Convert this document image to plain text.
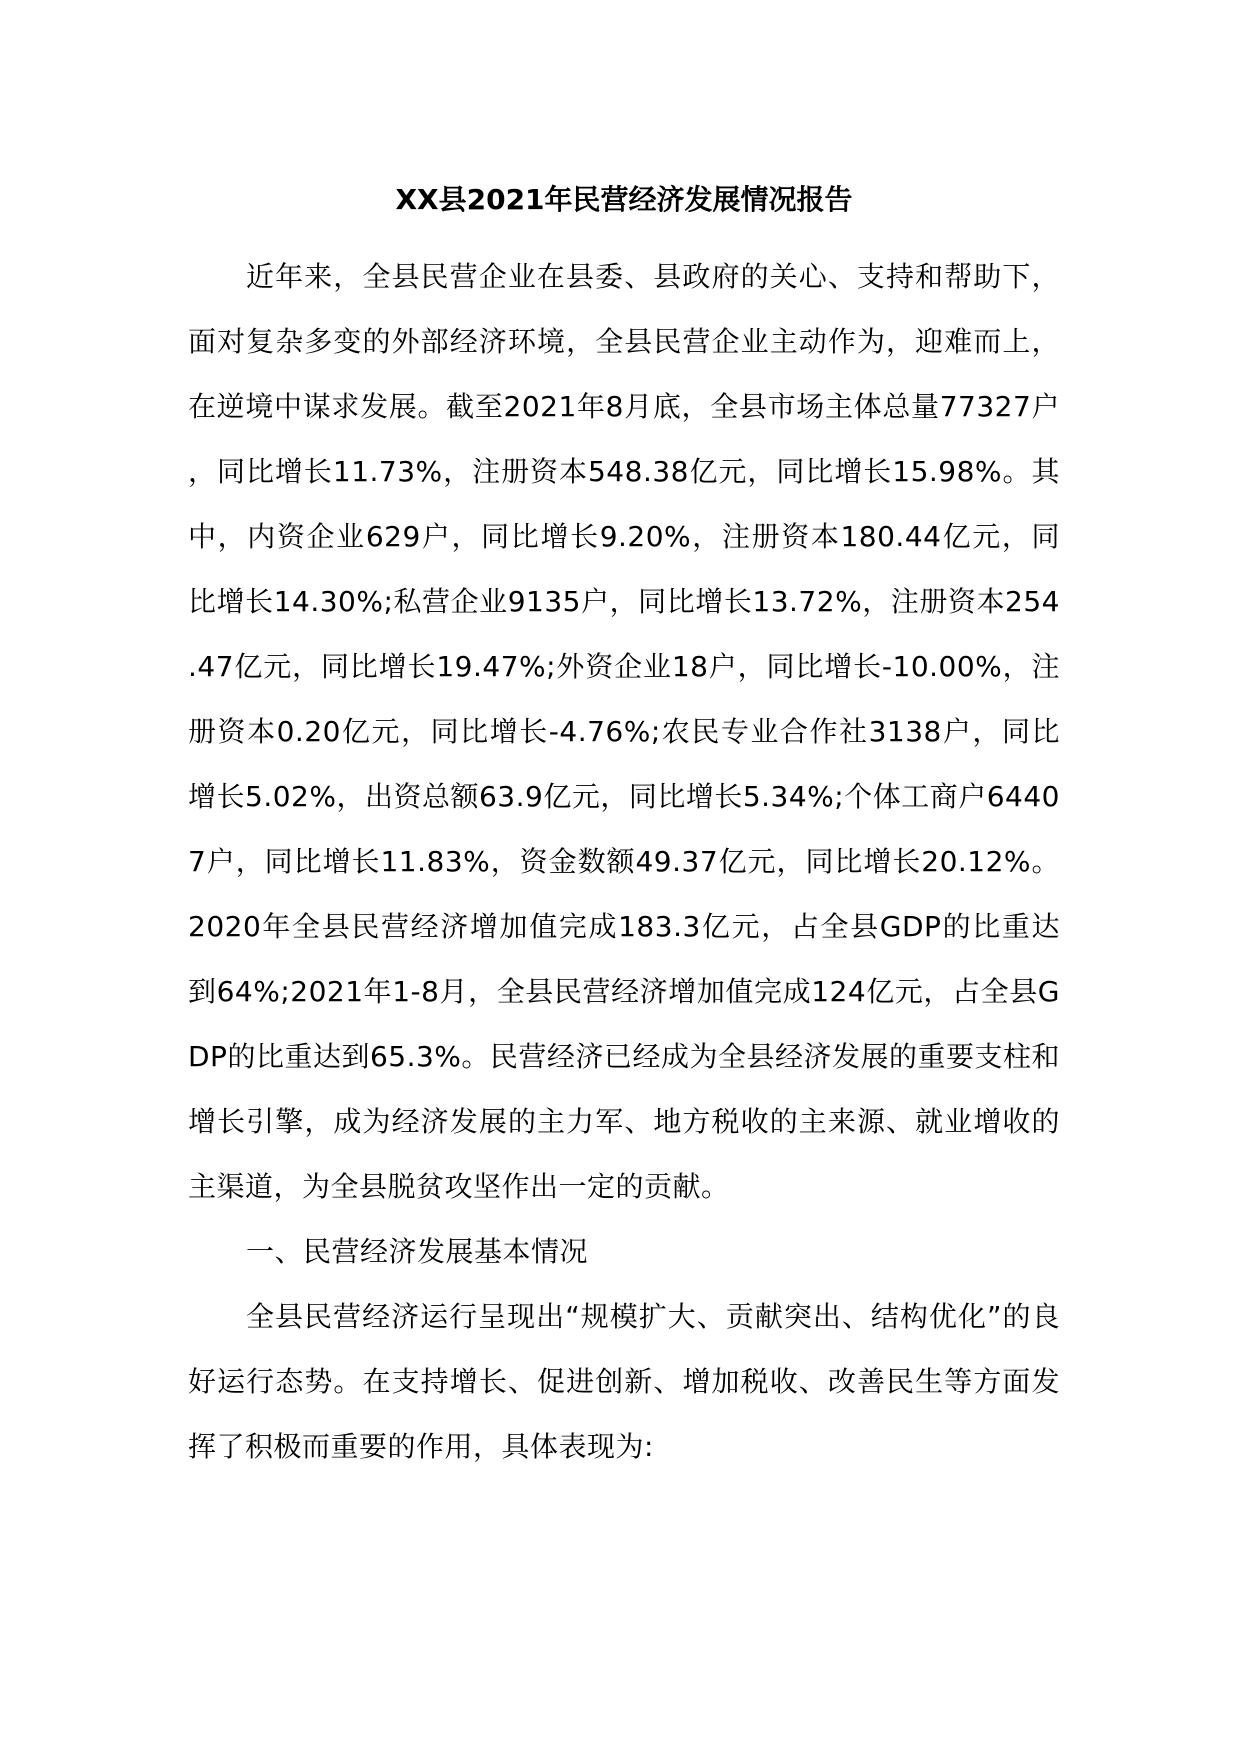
XX县2021年民营经济发展情况报告

近年来，全县民营企业在县委、县政府的关心、支持和帮助下，面对复杂多变的外部经济环境，全县民营企业主动作为，迎难而上，在逆境中谋求发展。截至2021年8月底，全县市场主体总量77327户，同比增长11.73%，注册资本548.38亿元，同比增长15.98%。其中，内资企业629户，同比增长9.20%，注册资本180.44亿元，同比增长14.30%;私营企业9135户，同比增长13.72%，注册资本254.47亿元，同比增长19.47%;外资企业18户，同比增长-10.00%，注册资本0.20亿元，同比增长-4.76%;农民专业合作社3138户，同比增长5.02%，出资总额63.9亿元，同比增长5.34%;个体工商户64407户，同比增长11.83%，资金数额49.37亿元，同比增长20.12%。2020年全县民营经济增加值完成183.3亿元，占全县GDP的比重达到64%;2021年1-8月，全县民营经济增加值完成124亿元，占全县GDP的比重达到65.3%。民营经济已经成为全县经济发展的重要支柱和增长引擎，成为经济发展的主力军、地方税收的主来源、就业增收的主渠道，为全县脱贫攻坚作出一定的贡献。

一、民营经济发展基本情况

全县民营经济运行呈现出“规模扩大、贡献突出、结构优化”的良好运行态势。在支持增长、促进创新、增加税收、改善民生等方面发挥了积极而重要的作用，具体表现为:
